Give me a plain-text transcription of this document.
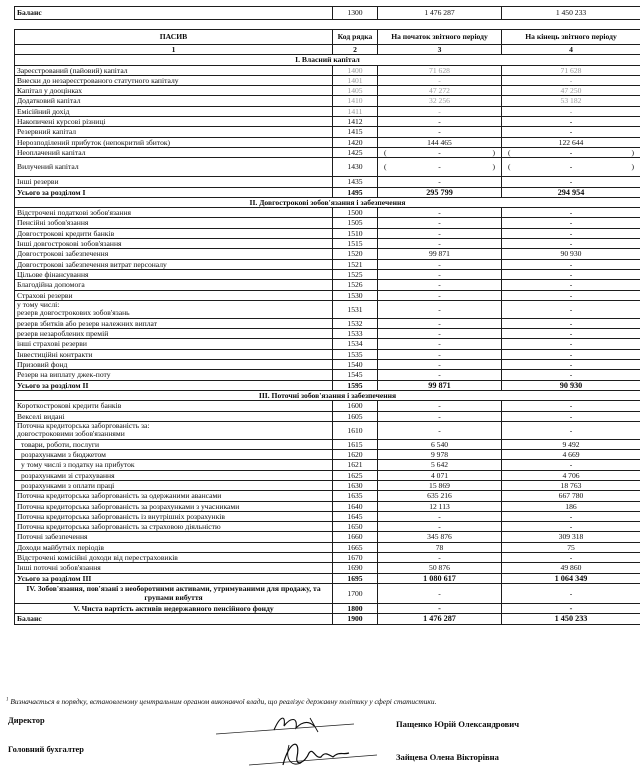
Баланс	1300	1 476 287	1 450 233
ПАСИВ	Код рядка	На початок звітного періоду	На кінець звітного періоду
1	2	3	4
І. Власний капітал			
Зареєстрований (пайовий) капітал	1400	71 628	71 628
Внески до незареєстрованого статутного капіталу	1401	-	-
Капітал у дооцінках	1405	47 272	47 250
Додатковий капітал	1410	32 256	53 182
Емісійний дохід	1411	-	-
Накопичені курсові різниці	1412	-	-
Резервний капітал	1415	-	-
Нерозподілений прибуток (непокритий збиток)	1420	144 465	122 644
Неоплачений капітал	1425	( - )	( - )

Вилучений капітал	1430	( - )	( - )

Інші резерви	1435	-	-
Усього за розділом І	1495	295 799	294 954
ІІ. Довгострокові зобов'язання і забезпечення			
Відстрочені податкові зобов'язання	1500	-	-
Пенсійні зобов'язання	1505	-	-
Довгострокові кредити банків	1510	-	-
Інші довгострокові зобов'язання	1515	-	-
Довгострокові забезпечення	1520	99 871	90 930
Довгострокові забезпечення витрат персоналу	1521	-	-
Цільове фінансування	1525	-	-
Благодійна допомога	1526	-	-
Страхові резерви	1530	-	-
у тому числі:
резерв довгострокових зобов'язань	1531	-	-
резерв збитків або резерв належних виплат	1532	-	-
резерв незароблених премій	1533	-	-
інші страхові резерви	1534	-	-
Інвестиційні контракти	1535	-	-
Призовий фонд	1540	-	-
Резерв на виплату джек-поту	1545	-	-
Усього за розділом ІІ	1595	99 871	90 930
ІІІ. Поточні зобов'язання і забезпечення			
Короткострокові кредити банків	1600	-	-
Векселі видані	1605	-	-
Поточна кредиторська заборгованість за:
довгостроковими зобов'язаннями	1610	-	-
товари, роботи, послуги	1615	6 540	9 492
розрахунками з бюджетом	1620	9 978	4 669
у тому числі з податку на прибуток	1621	5 642	-
розрахунками зі страхування	1625	4 071	4 706
розрахунками з оплати праці	1630	15 869	18 763
Поточна кредиторська заборгованість за одержаними авансами	1635	635 216	667 780
Поточна кредиторська заборгованість за розрахунками з учасниками	1640	12 113	186
Поточна кредиторська заборгованість із внутрішніх розрахунків	1645	-	-
Поточна кредиторська заборгованість за страховою діяльністю	1650	-	-
Поточні забезпечення	1660	345 876	309 318
Доходи майбутніх періодів	1665	78	75
Відстрочені комісійні доходи від перестраховиків	1670	-	-
Інші поточні зобов'язання	1690	50 876	49 860
Усього за розділом ІІІ	1695	1 080 617	1 064 349
IV. Зобов'язання, пов'язані з необоротними активами, утримуваними для продажу, та групами вибуття	1700	-	-
V. Чиста вартість активів недержавного пенсійного фонду	1800	-	-
Баланс	1900	1 476 287	1 450 233
$^1$ Визначається в порядку, встановленому центральним органом виконавчої влади, що реалізує державну політику у сфері статистики.
Директор	Пащенко Юрій Олександрович
Головний бухгалтер
Зайцева Олена Вікторівна
